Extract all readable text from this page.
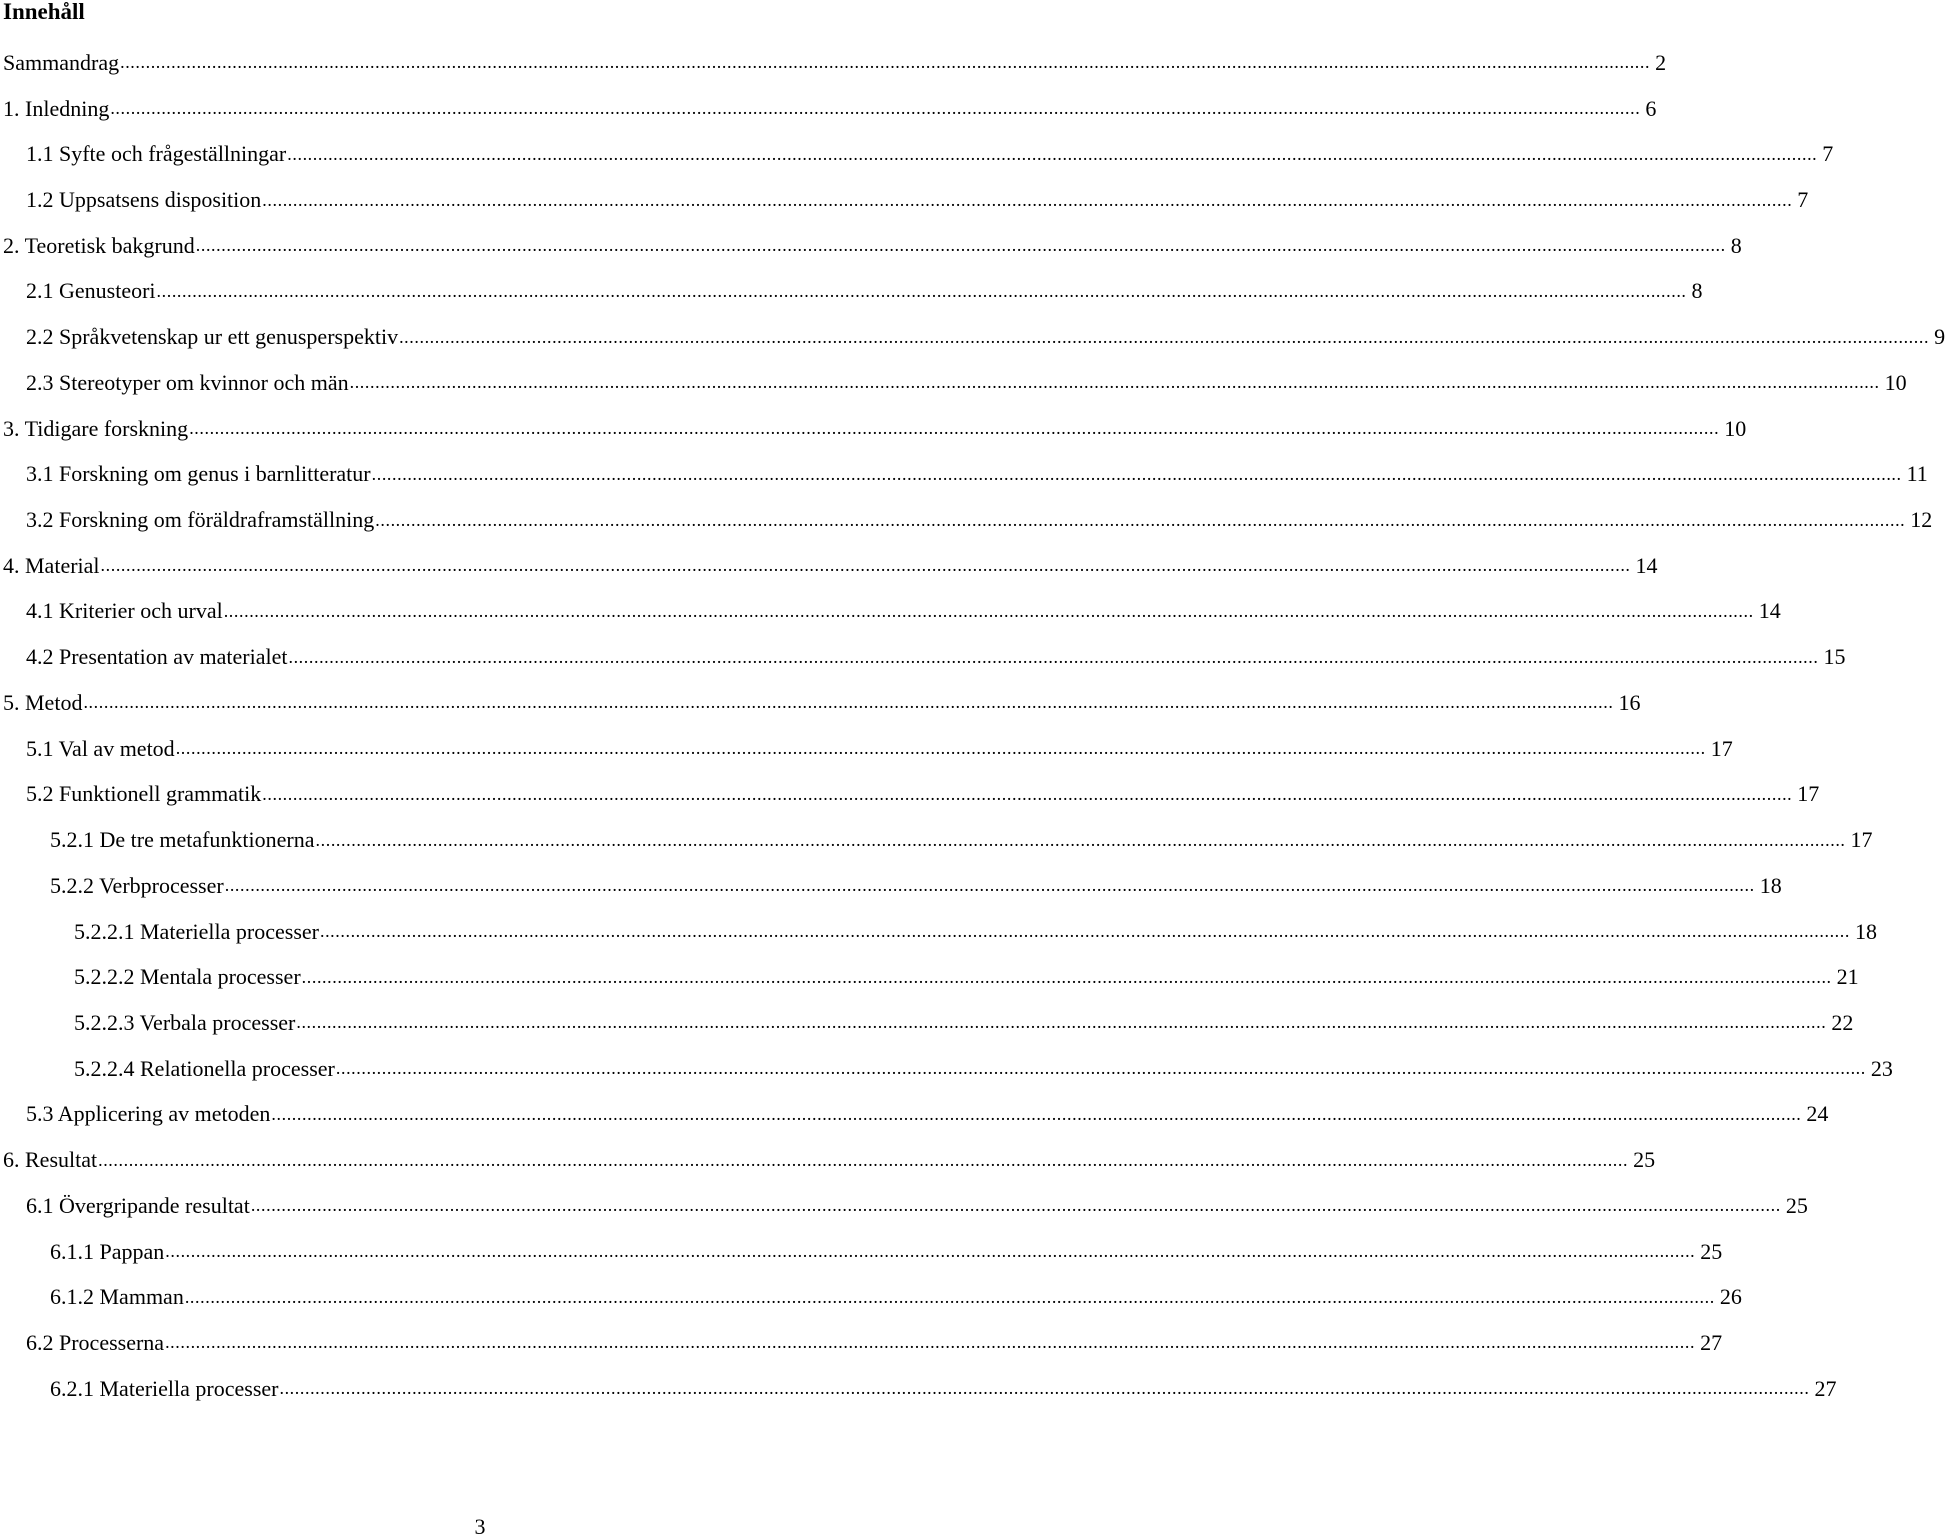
Innehåll
Sammandrag ............................................................................................................................................................................................................................................................................................................ 2
1. Inledning ............................................................................................................................................................................................................................................................................................................ 6
1.1 Syfte och frågeställningar ............................................................................................................................................................................................................................................................................................................ 7
1.2 Uppsatsens disposition ............................................................................................................................................................................................................................................................................................................ 7
2. Teoretisk bakgrund ............................................................................................................................................................................................................................................................................................................ 8
2.1 Genusteori ............................................................................................................................................................................................................................................................................................................ 8
2.2 Språkvetenskap ur ett genusperspektiv ............................................................................................................................................................................................................................................................................................................ 9
2.3 Stereotyper om kvinnor och män ............................................................................................................................................................................................................................................................................................................ 10
3. Tidigare forskning ............................................................................................................................................................................................................................................................................................................ 10
3.1 Forskning om genus i barnlitteratur ............................................................................................................................................................................................................................................................................................................ 11
3.2 Forskning om föräldraframställning ............................................................................................................................................................................................................................................................................................................ 12
4. Material ............................................................................................................................................................................................................................................................................................................ 14
4.1 Kriterier och urval ............................................................................................................................................................................................................................................................................................................ 14
4.2 Presentation av materialet ............................................................................................................................................................................................................................................................................................................ 15
5. Metod ............................................................................................................................................................................................................................................................................................................ 16
5.1 Val av metod ............................................................................................................................................................................................................................................................................................................ 17
5.2 Funktionell grammatik ............................................................................................................................................................................................................................................................................................................ 17
5.2.1 De tre metafunktionerna ............................................................................................................................................................................................................................................................................................................ 17
5.2.2 Verbprocesser ............................................................................................................................................................................................................................................................................................................ 18
5.2.2.1 Materiella processer ............................................................................................................................................................................................................................................................................................................ 18
5.2.2.2 Mentala processer ............................................................................................................................................................................................................................................................................................................ 21
5.2.2.3 Verbala processer ............................................................................................................................................................................................................................................................................................................ 22
5.2.2.4 Relationella processer ............................................................................................................................................................................................................................................................................................................ 23
5.3 Applicering av metoden ............................................................................................................................................................................................................................................................................................................ 24
6. Resultat ............................................................................................................................................................................................................................................................................................................ 25
6.1 Övergripande resultat ............................................................................................................................................................................................................................................................................................................ 25
6.1.1 Pappan ............................................................................................................................................................................................................................................................................................................ 25
6.1.2 Mamman ............................................................................................................................................................................................................................................................................................................ 26
6.2 Processerna ............................................................................................................................................................................................................................................................................................................ 27
6.2.1 Materiella processer ............................................................................................................................................................................................................................................................................................................ 27
3
